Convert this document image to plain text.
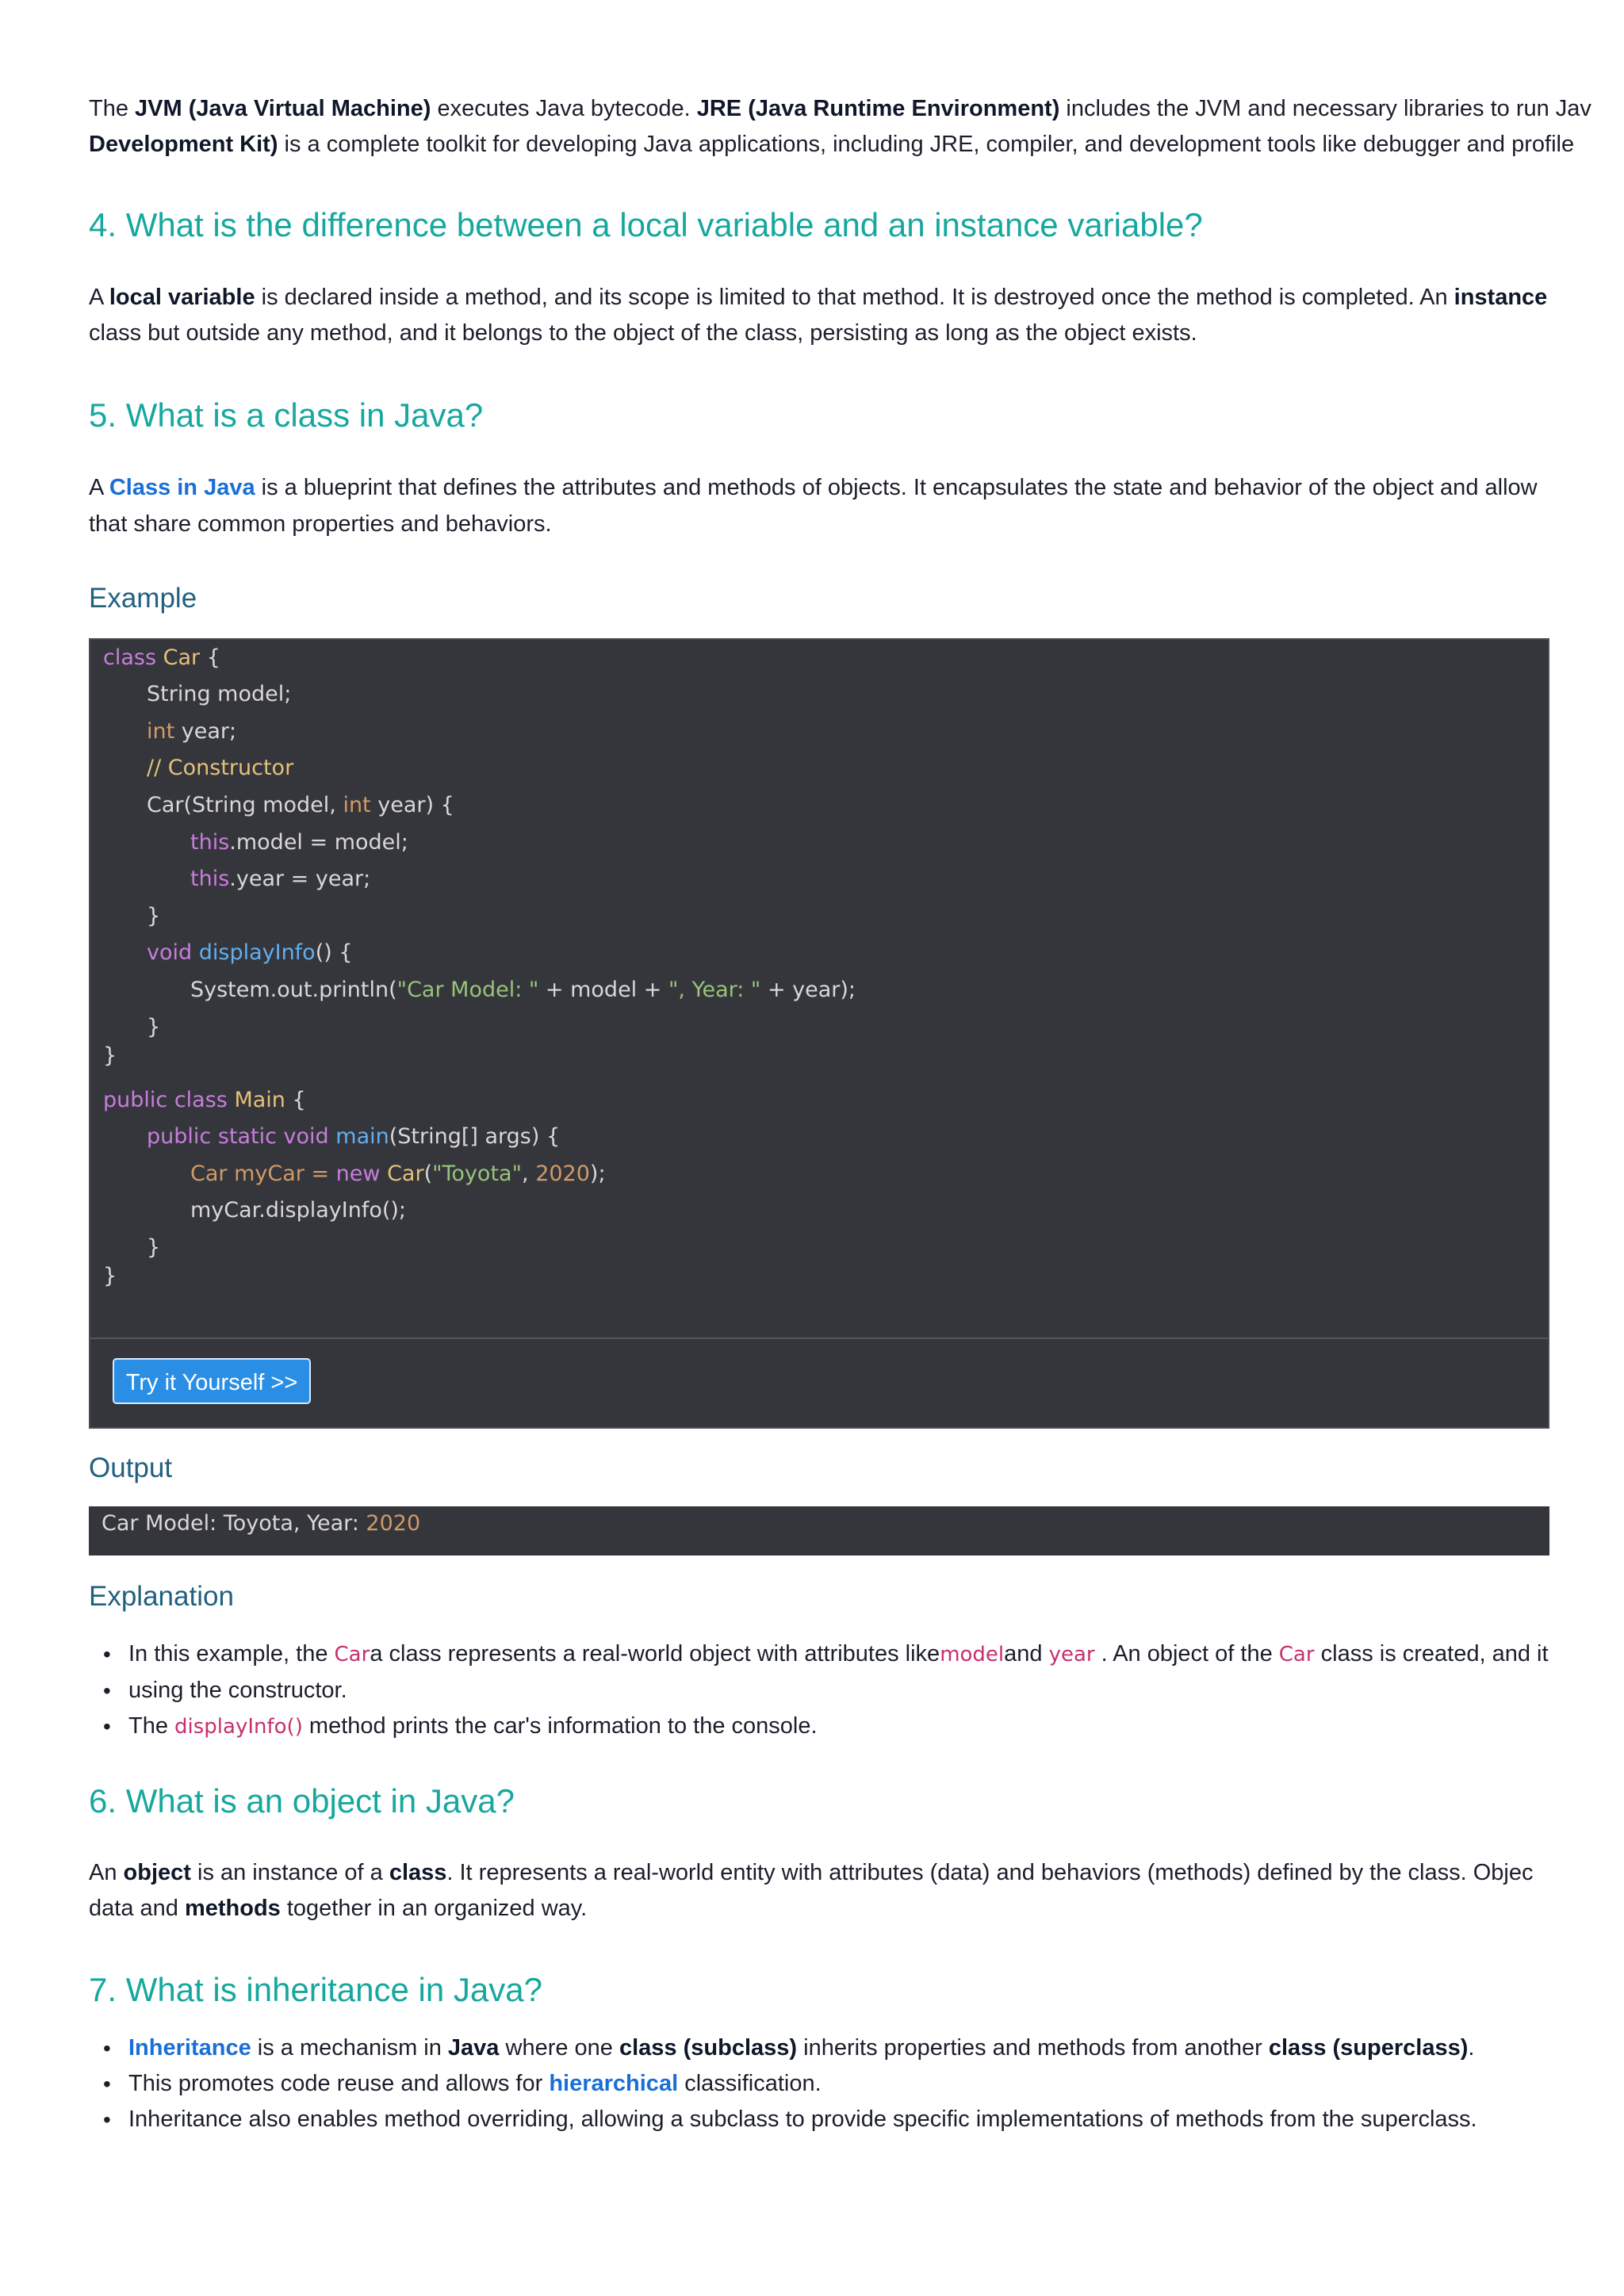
The JVM (Java Virtual Machine) executes Java bytecode. JRE (Java Runtime Environment) includes the JVM and necessary libraries to run Jav
Development Kit) is a complete toolkit for developing Java applications, including JRE, compiler, and development tools like debugger and profile
4. What is the difference between a local variable and an instance variable?
A local variable is declared inside a method, and its scope is limited to that method. It is destroyed once the method is completed. An instance
class but outside any method, and it belongs to the object of the class, persisting as long as the object exists.
5. What is a class in Java?
A Class in Java is a blueprint that defines the attributes and methods of objects. It encapsulates the state and behavior of the object and allow
that share common properties and behaviors.
Example
class Car {
String model;
int year;
// Constructor
Car(String model, int year) {
this.model = model;
this.year = year;
}
void displayInfo() {
System.out.println("Car Model: " + model + ", Year: " + year);
}
}
public class Main {
public static void main(String[] args) {
Car myCar = new Car("Toyota", 2020);
myCar.displayInfo();
}
}
Try it Yourself >>
Output
Car Model: Toyota, Year: 2020
Explanation
• In this example, the Cara class represents a real-world object with attributes likemodeland year . An object of the Car class is created, and it
• using the constructor.
• The displayInfo() method prints the car's information to the console.
6. What is an object in Java?
An object is an instance of a class. It represents a real-world entity with attributes (data) and behaviors (methods) defined by the class. Objec
data and methods together in an organized way.
7. What is inheritance in Java?
• Inheritance is a mechanism in Java where one class (subclass) inherits properties and methods from another class (superclass).
• This promotes code reuse and allows for hierarchical classification.
• Inheritance also enables method overriding, allowing a subclass to provide specific implementations of methods from the superclass.
